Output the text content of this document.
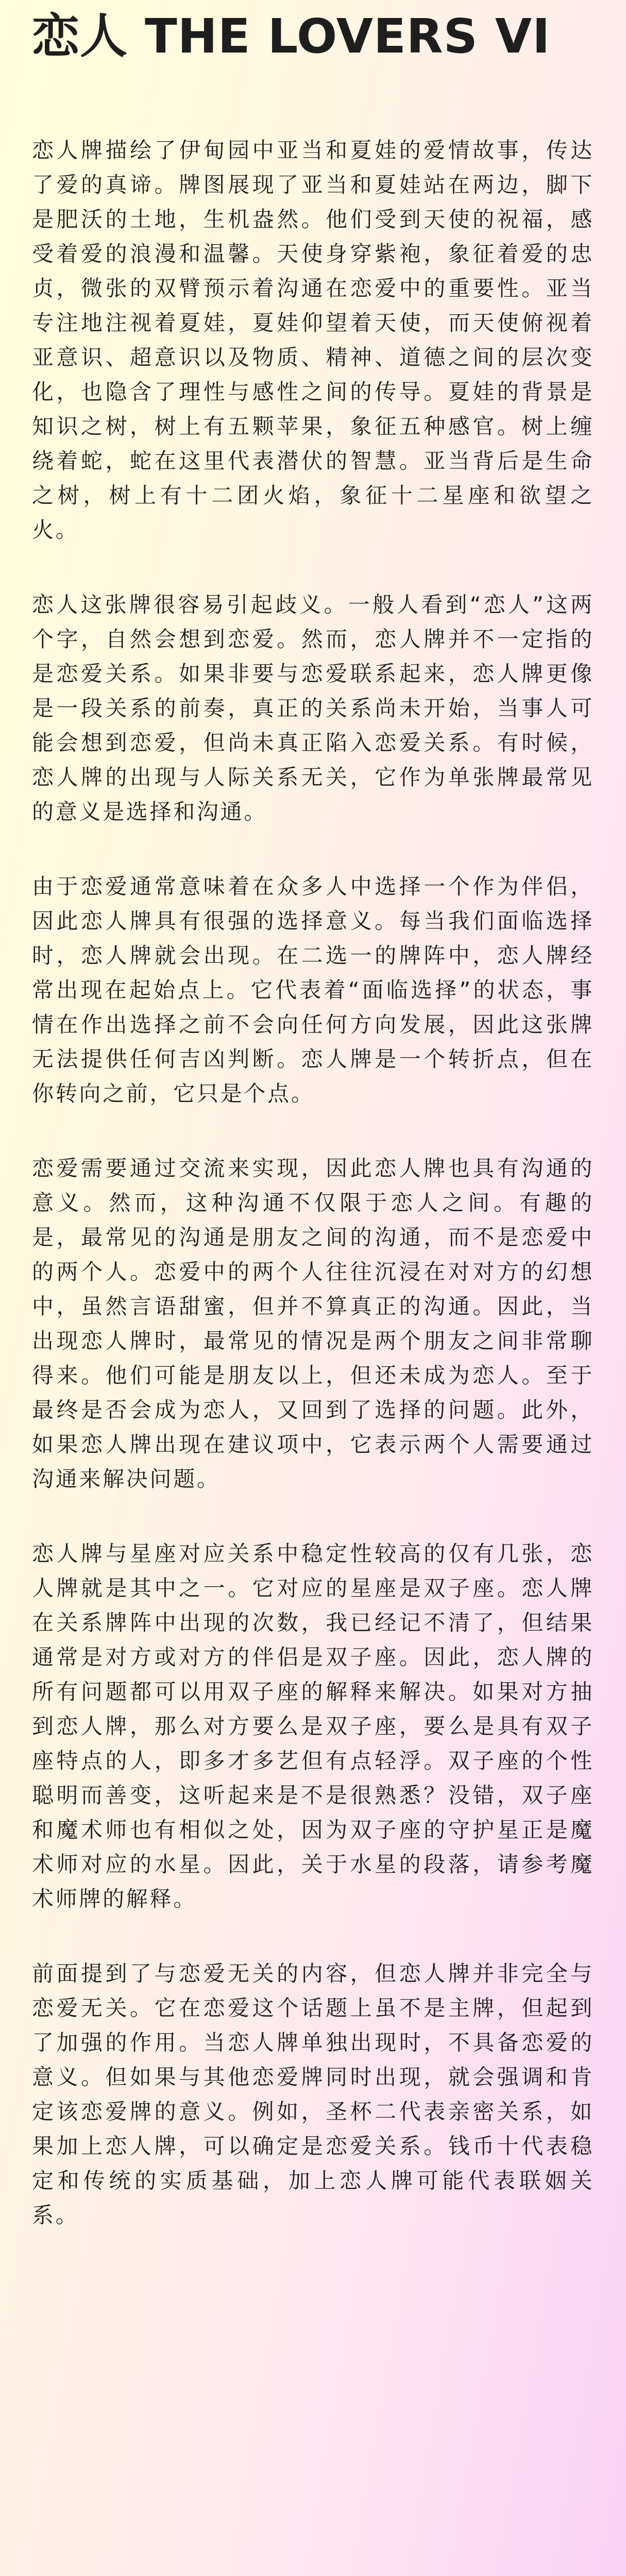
恋人 THE LOVERS VI

恋人牌描绘了伊甸园中亚当和夏娃的爱情故事，传达了爱的真谛。牌图展现了亚当和夏娃站在两边，脚下是肥沃的土地，生机盎然。他们受到天使的祝福，感受着爱的浪漫和温馨。天使身穿紫袍，象征着爱的忠贞，微张的双臂预示着沟通在恋爱中的重要性。亚当专注地注视着夏娃，夏娃仰望着天使，而天使俯视着亚意识、超意识以及物质、精神、道德之间的层次变化，也隐含了理性与感性之间的传导。夏娃的背景是知识之树，树上有五颗苹果，象征五种感官。树上缠绕着蛇，蛇在这里代表潜伏的智慧。亚当背后是生命之树，树上有十二团火焰，象征十二星座和欲望之火。

恋人这张牌很容易引起歧义。一般人看到“恋人”这两个字，自然会想到恋爱。然而，恋人牌并不一定指的是恋爱关系。如果非要与恋爱联系起来，恋人牌更像是一段关系的前奏，真正的关系尚未开始，当事人可能会想到恋爱，但尚未真正陷入恋爱关系。有时候，恋人牌的出现与人际关系无关，它作为单张牌最常见的意义是选择和沟通。

由于恋爱通常意味着在众多人中选择一个作为伴侣，因此恋人牌具有很强的选择意义。每当我们面临选择时，恋人牌就会出现。在二选一的牌阵中，恋人牌经常出现在起始点上。它代表着“面临选择”的状态，事情在作出选择之前不会向任何方向发展，因此这张牌无法提供任何吉凶判断。恋人牌是一个转折点，但在你转向之前，它只是个点。

恋爱需要通过交流来实现，因此恋人牌也具有沟通的意义。然而，这种沟通不仅限于恋人之间。有趣的是，最常见的沟通是朋友之间的沟通，而不是恋爱中的两个人。恋爱中的两个人往往沉浸在对对方的幻想中，虽然言语甜蜜，但并不算真正的沟通。因此，当出现恋人牌时，最常见的情况是两个朋友之间非常聊得来。他们可能是朋友以上，但还未成为恋人。至于最终是否会成为恋人，又回到了选择的问题。此外，如果恋人牌出现在建议项中，它表示两个人需要通过沟通来解决问题。

恋人牌与星座对应关系中稳定性较高的仅有几张，恋人牌就是其中之一。它对应的星座是双子座。恋人牌在关系牌阵中出现的次数，我已经记不清了，但结果通常是对方或对方的伴侣是双子座。因此，恋人牌的所有问题都可以用双子座的解释来解决。如果对方抽到恋人牌，那么对方要么是双子座，要么是具有双子座特点的人，即多才多艺但有点轻浮。双子座的个性聪明而善变，这听起来是不是很熟悉？没错，双子座和魔术师也有相似之处，因为双子座的守护星正是魔术师对应的水星。因此，关于水星的段落，请参考魔术师牌的解释。

前面提到了与恋爱无关的内容，但恋人牌并非完全与恋爱无关。它在恋爱这个话题上虽不是主牌，但起到了加强的作用。当恋人牌单独出现时，不具备恋爱的意义。但如果与其他恋爱牌同时出现，就会强调和肯定该恋爱牌的意义。例如，圣杯二代表亲密关系，如果加上恋人牌，可以确定是恋爱关系。钱币十代表稳定和传统的实质基础，加上恋人牌可能代表联姻关系。
